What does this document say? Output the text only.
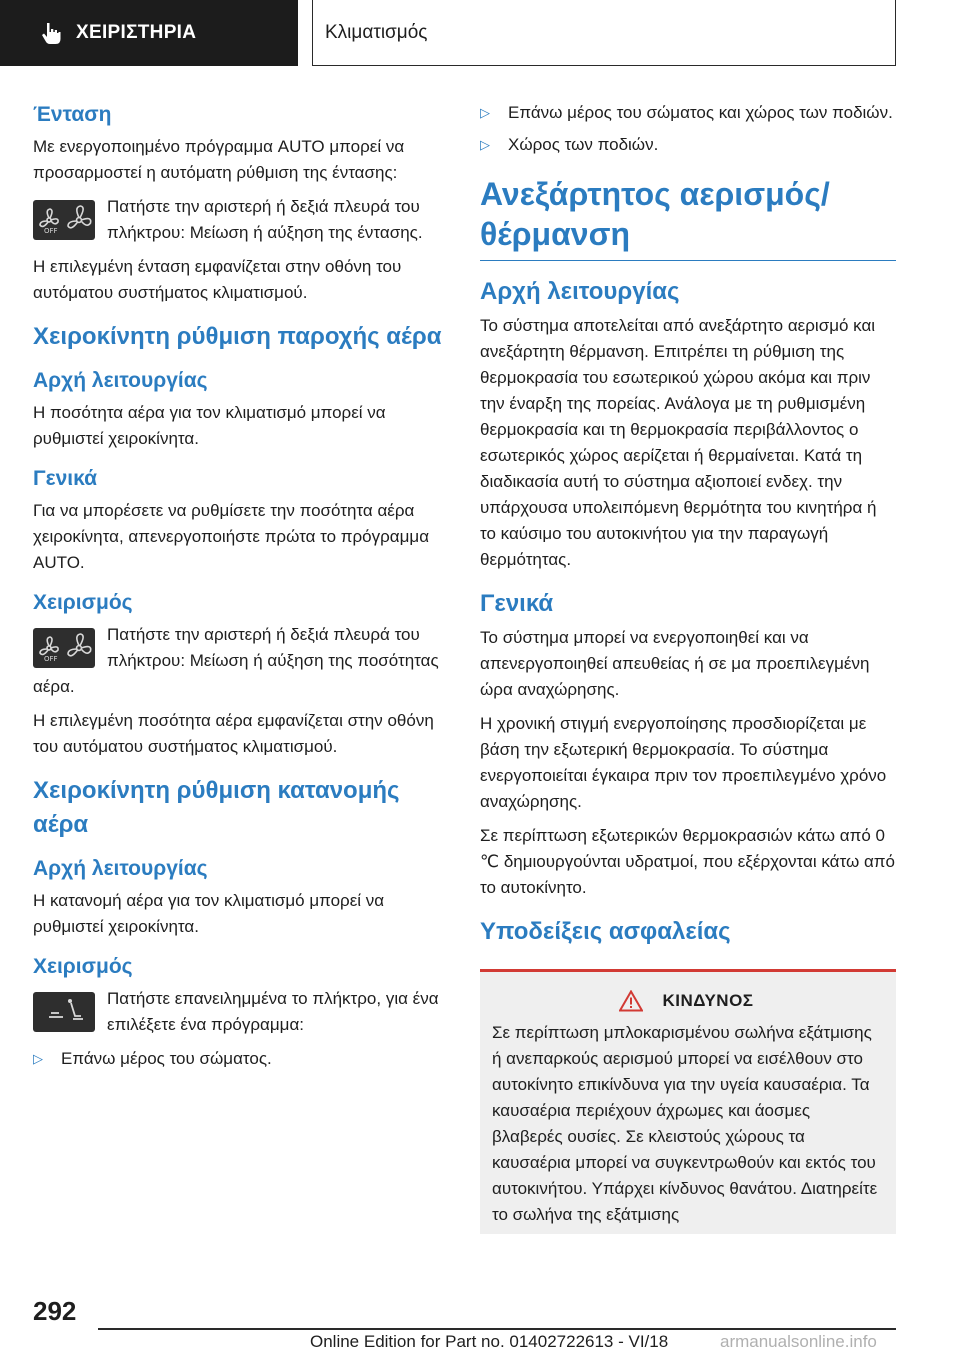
ΧΕΙΡΙΣΤΗΡΙΑ	Κλιματισμός
Ένταση

Με ενεργοποιημένο πρόγραμμα AUTO μπορεί να προσαρμοστεί η αυτόματη ρύθμιση της έντασης:

OFF
Πατήστε την αριστερή ή δεξιά πλευρά του πλήκτρου: Μείωση ή αύξηση της έντασης.

Η επιλεγμένη ένταση εμφανίζεται στην οθόνη του αυτόματου συστήματος κλιματισμού.

Χειροκίνητη ρύθμιση παροχής αέρα
Αρχή λειτουργίας

Η ποσότητα αέρα για τον κλιματισμό μπορεί να ρυθμιστεί χειροκίνητα.

Γενικά

Για να μπορέσετε να ρυθμίσετε την ποσότητα αέρα χειροκίνητα, απενεργοποιήστε πρώτα το πρόγραμμα AUTO.

Χειρισμός
OFF
Πατήστε την αριστερή ή δεξιά πλευρά του πλήκτρου: Μείωση ή αύξηση της ποσότητας αέρα.

Η επιλεγμένη ποσότητα αέρα εμφανίζεται στην οθόνη του αυτόματου συστήματος κλιματισμού.

Χειροκίνητη ρύθμιση κατανομής αέρα
Αρχή λειτουργίας

Η κατανομή αέρα για τον κλιματισμό μπορεί να ρυθμιστεί χειροκίνητα.

Χειρισμός
Πατήστε επανειλημμένα το πλήκτρο, για ένα επιλέξετε ένα πρόγραμμα:
▷	Επάνω μέρος του σώματος.
▷	Επάνω μέρος του σώματος και χώρος των ποδιών.
▷	Χώρος των ποδιών.
Ανεξάρτητος αερισμός/θέρμανση
Αρχή λειτουργίας

Το σύστημα αποτελείται από ανεξάρτητο αερισμό και ανεξάρτητη θέρμανση. Επιτρέπει τη ρύθμιση της θερμοκρασία του εσωτερικού χώρου ακόμα και πριν την έναρξη της πορείας. Ανάλογα με τη ρυθμισμένη θερμοκρασία και τη θερμοκρασία περιβάλλοντος ο εσωτερικός χώρος αερίζεται ή θερμαίνεται. Κατά τη διαδικασία αυτή το σύστημα αξιοποιεί ενδεχ. την υπάρχουσα υπολειπόμενη θερμότητα του κινητήρα ή το καύσιμο του αυτοκινήτου για την παραγωγή θερμότητας.

Γενικά

Το σύστημα μπορεί να ενεργοποιηθεί και να απενεργοποιηθεί απευθείας ή σε μα προεπιλεγμένη ώρα αναχώρησης.

Η χρονική στιγμή ενεργοποίησης προσδιορίζεται με βάση την εξωτερική θερμοκρασία. Το σύστημα ενεργοποιείται έγκαιρα πριν τον προεπιλεγμένο χρόνο αναχώρησης.

Σε περίπτωση εξωτερικών θερμοκρασιών κάτω από 0 ℃ δημιουργούνται υδρατμοί, που εξέρχονται κάτω από το αυτοκίνητο.

Υποδείξεις ασφαλείας
ΚΙΝΔΥΝΟΣ

Σε περίπτωση μπλοκαρισμένου σωλήνα εξάτμισης ή ανεπαρκούς αερισμού μπορεί να εισέλθουν στο αυτοκίνητο επικίνδυνα για την υγεία καυσαέρια. Τα καυσαέρια περιέχουν άχρωμες και άοσμες βλαβερές ουσίες. Σε κλειστούς χώρους τα καυσαέρια μπορεί να συγκεντρωθούν και εκτός του αυτοκινήτου. Υπάρχει κίνδυνος θανάτου. Διατηρείτε το σωλήνα της εξάτμισης

292
Online Edition for Part no. 01402722613 - VI/18	armanualsonline.info
